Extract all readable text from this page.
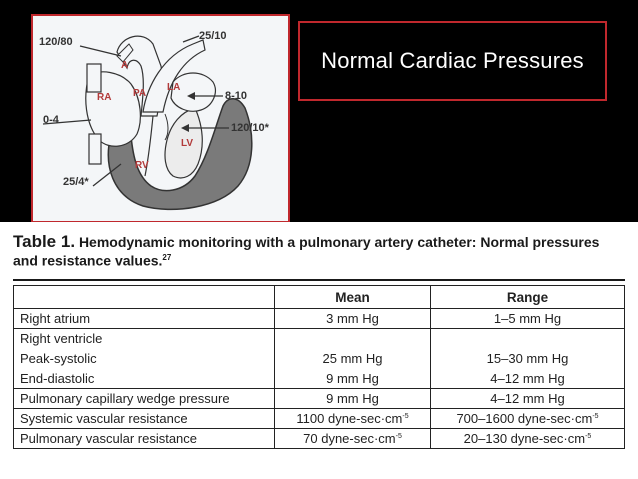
120/80	25/10
0-4
8-10
120/10*
25/4*
A
RA PA
LA
LV
RV
Normal Cardiac Pressures
Table 1. Hemodynamic monitoring with a pulmonary artery catheter: Normal pressures and resistance values.$^{27}$
	Mean	Range
Right atrium	3 mm Hg	1–5 mm Hg
Right ventricle		
Peak-systolic	25 mm Hg	15–30 mm Hg
End-diastolic	9 mm Hg	4–12 mm Hg
Pulmonary capillary wedge pressure	9 mm Hg	4–12 mm Hg
Systemic vascular resistance	1100 dyne-$\sec\cdot cm^{-5}$	700–1600 dyne-$\sec\cdot cm^{-5}$
Pulmonary vascular resistance	70 dyne-$\sec\cdot cm^{-5}$	20–130 dyne-$\sec\cdot cm^{-5}$
